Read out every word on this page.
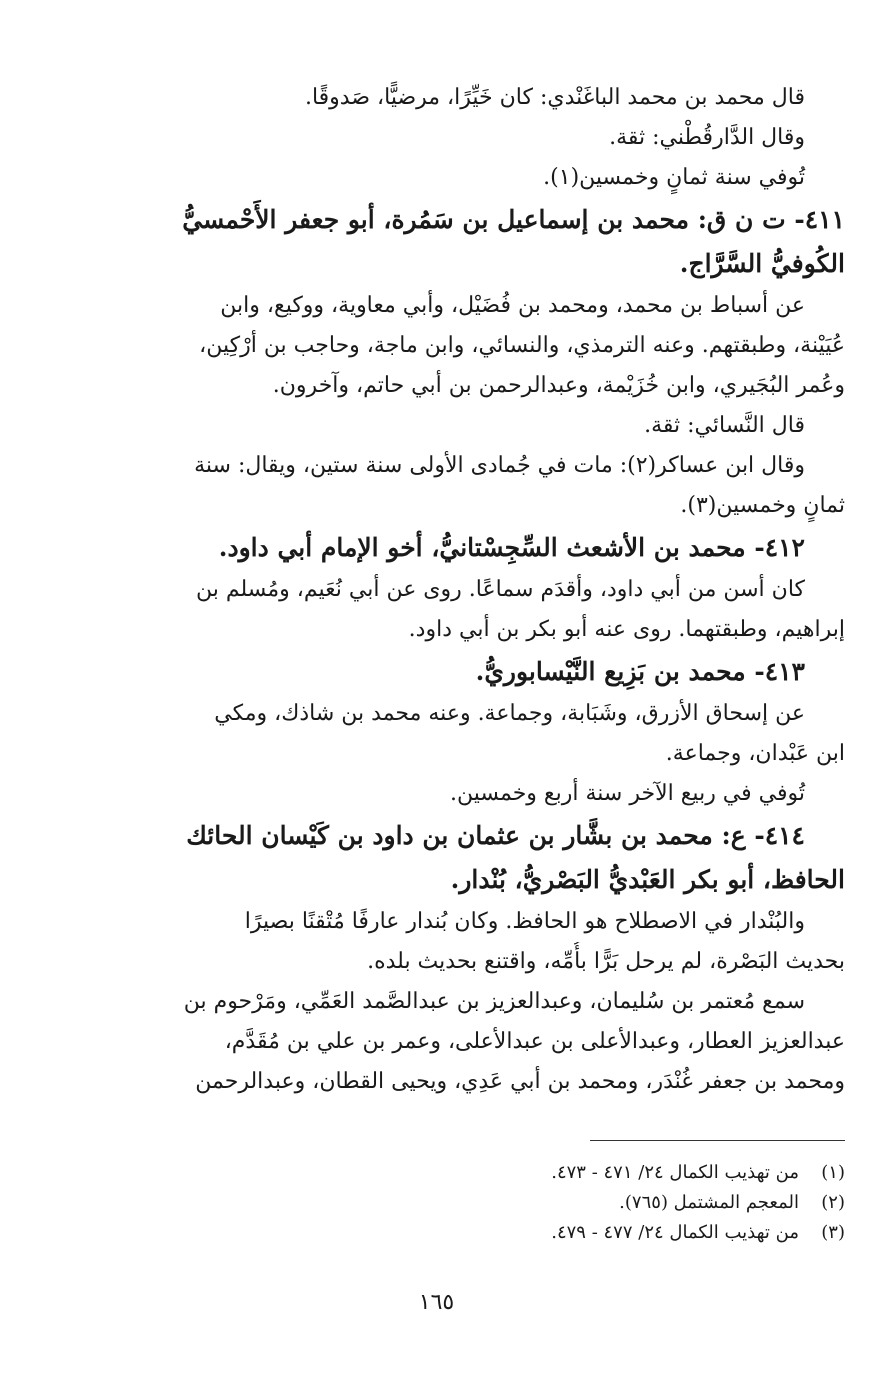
قال محمد بن محمد الباغَنْدي: كان خَيِّرًا، مرضيًّا، صَدوقًا.
وقال الدَّارقُطْني: ثقة.
تُوفي سنة ثمانٍ وخمسين(١).
٤١١- ت ن ق: محمد بن إسماعيل بن سَمُرة، أبو جعفر الأَحْمسيُّ
الكُوفيُّ السَّرَّاج.
عن أسباط بن محمد، ومحمد بن فُضَيْل، وأبي معاوية، ووكيع، وابن
عُيَيْنة، وطبقتهم. وعنه الترمذي، والنسائي، وابن ماجة، وحاجب بن أرْكِين،
وعُمر البُجَيري، وابن خُزَيْمة، وعبدالرحمن بن أبي حاتم، وآخرون.
قال النَّسائي: ثقة.
وقال ابن عساكر(٢): مات في جُمادى الأولى سنة ستين، ويقال: سنة
ثمانٍ وخمسين(٣).
٤١٢- محمد بن الأشعث السِّجِسْتانيُّ، أخو الإمام أبي داود.
كان أسن من أبي داود، وأقدَم سماعًا. روى عن أبي نُعَيم، ومُسلم بن
إبراهيم، وطبقتهما. روى عنه أبو بكر بن أبي داود.
٤١٣- محمد بن بَزِيع النَّيْسابوريُّ.
عن إسحاق الأزرق، وشَبَابة، وجماعة. وعنه محمد بن شاذك، ومكي
ابن عَبْدان، وجماعة.
تُوفي في ربيع الآخر سنة أربع وخمسين.
٤١٤- ع: محمد بن بشَّار بن عثمان بن داود بن كَيْسان الحائك
الحافظ، أبو بكر العَبْديُّ البَصْريُّ، بُنْدار.
والبُنْدار في الاصطلاح هو الحافظ. وكان بُندار عارفًا مُتْقنًا بصيرًا
بحديث البَصْرة، لم يرحل بَرًّا بأُمِّه، واقتنع بحديث بلده.
سمع مُعتمر بن سُليمان، وعبدالعزيز بن عبدالصَّمد العَمِّي، ومَرْحوم بن
عبدالعزيز العطار، وعبدالأعلى بن عبدالأعلى، وعمر بن علي بن مُقَدَّم،
ومحمد بن جعفر غُنْدَر، ومحمد بن أبي عَدِي، ويحيى القطان، وعبدالرحمن
(١)من تهذيب الكمال ٢٤/ ٤٧١ - ٤٧٣.
(٢)المعجم المشتمل (٧٦٥).
(٣)من تهذيب الكمال ٢٤/ ٤٧٧ - ٤٧٩.
١٦٥
